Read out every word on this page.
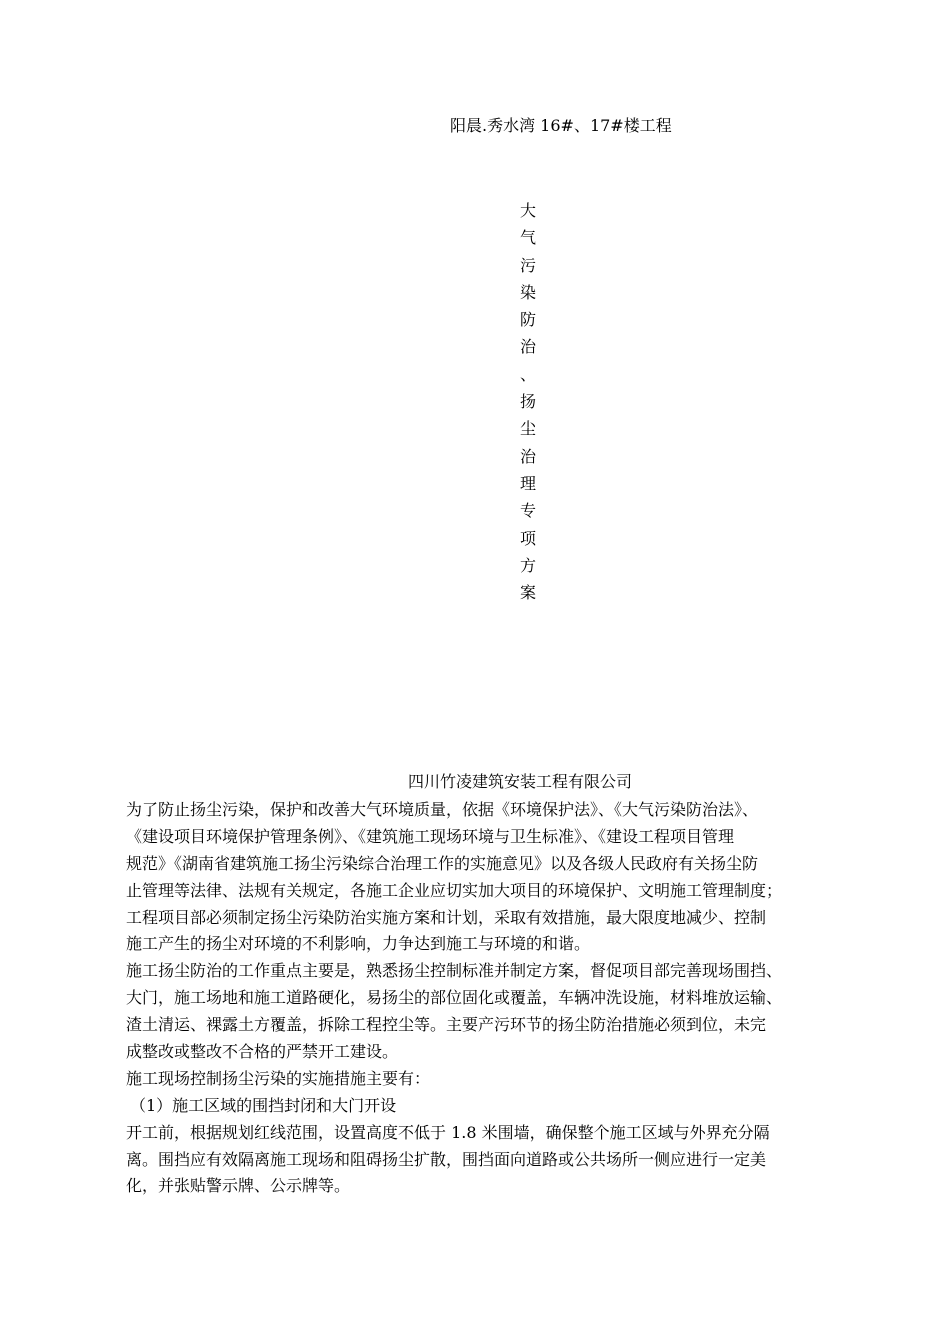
阳晨.秀水湾 16#、17#楼工程
大
气
污
染
防
治
、
扬
尘
治
理
专
项
方
案
四川竹凌建筑安装工程有限公司
为了防止扬尘污染，保护和改善大气环境质量，依据《环境保护法》、《大气污染防治法》、
《建设项目环境保护管理条例》、《建筑施工现场环境与卫生标准》、《建设工程项目管理
规范》《湖南省建筑施工扬尘污染综合治理工作的实施意见》以及各级人民政府有关扬尘防
止管理等法律、法规有关规定，各施工企业应切实加大项目的环境保护、文明施工管理制度；
工程项目部必须制定扬尘污染防治实施方案和计划，采取有效措施，最大限度地减少、控制
施工产生的扬尘对环境的不利影响，力争达到施工与环境的和谐。
施工扬尘防治的工作重点主要是，熟悉扬尘控制标准并制定方案，督促项目部完善现场围挡、
大门，施工场地和施工道路硬化，易扬尘的部位固化或覆盖，车辆冲洗设施，材料堆放运输、
渣土清运、裸露土方覆盖，拆除工程控尘等。主要产污环节的扬尘防治措施必须到位，未完
成整改或整改不合格的严禁开工建设。
施工现场控制扬尘污染的实施措施主要有：
（1）施工区域的围挡封闭和大门开设
开工前，根据规划红线范围，设置高度不低于 1.8 米围墙，确保整个施工区域与外界充分隔
离。围挡应有效隔离施工现场和阻碍扬尘扩散，围挡面向道路或公共场所一侧应进行一定美
化，并张贴警示牌、公示牌等。
